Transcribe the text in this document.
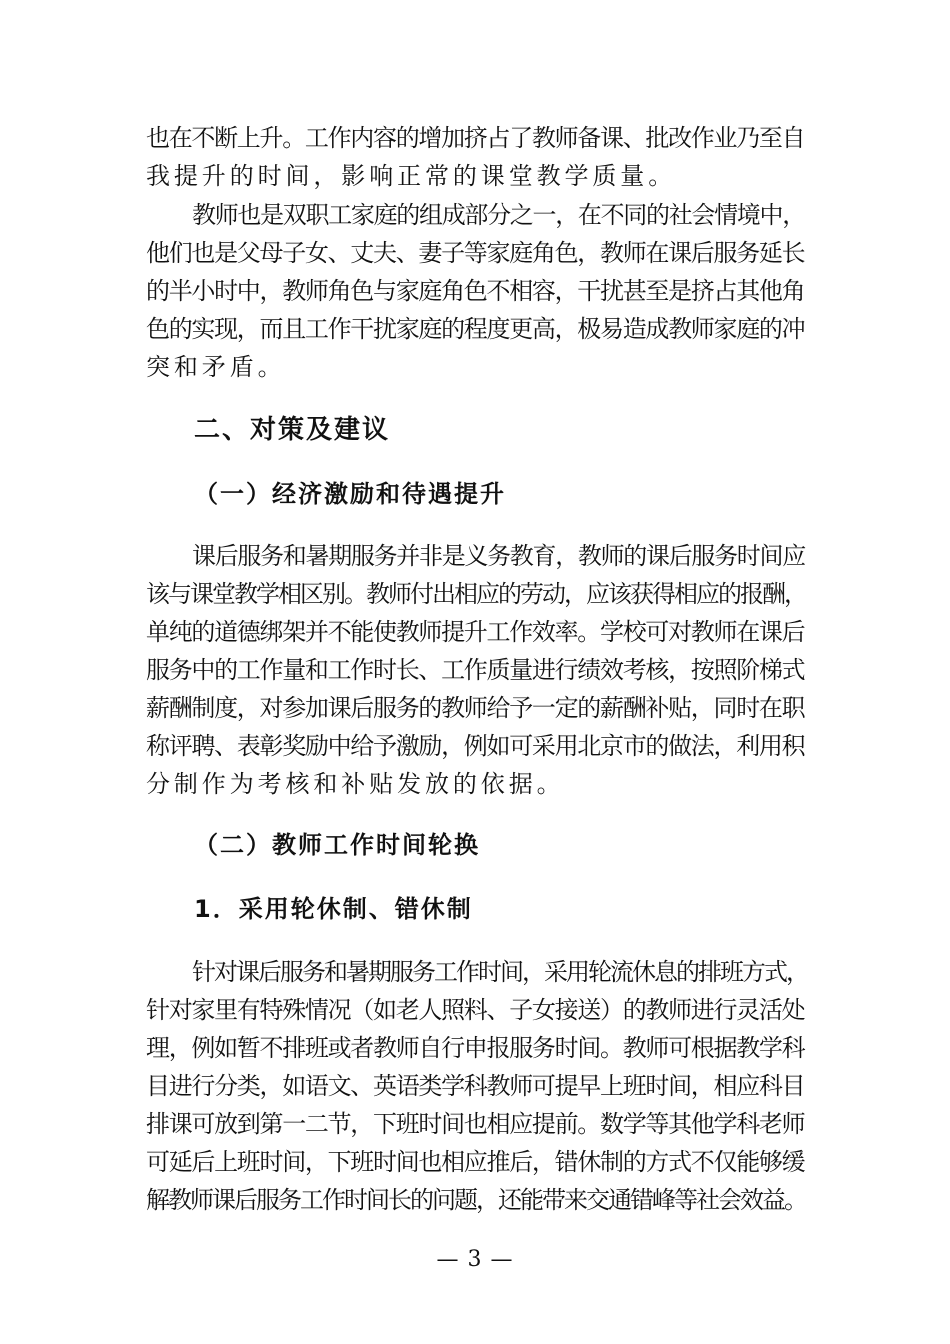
也在不断上升。工作内容的增加挤占了教师备课、批改作业乃至自
我提升的时间，影响正常的课堂教学质量。
教师也是双职工家庭的组成部分之一，在不同的社会情境中，
他们也是父母子女、丈夫、妻子等家庭角色，教师在课后服务延长
的半小时中，教师角色与家庭角色不相容，干扰甚至是挤占其他角
色的实现，而且工作干扰家庭的程度更高，极易造成教师家庭的冲
突和矛盾。
二、对策及建议
（一）经济激励和待遇提升
课后服务和暑期服务并非是义务教育，教师的课后服务时间应
该与课堂教学相区别。教师付出相应的劳动，应该获得相应的报酬，
单纯的道德绑架并不能使教师提升工作效率。学校可对教师在课后
服务中的工作量和工作时长、工作质量进行绩效考核，按照阶梯式
薪酬制度，对参加课后服务的教师给予一定的薪酬补贴，同时在职
称评聘、表彰奖励中给予激励，例如可采用北京市的做法，利用积
分制作为考核和补贴发放的依据。
（二）教师工作时间轮换
1．采用轮休制、错休制
针对课后服务和暑期服务工作时间，采用轮流休息的排班方式，
针对家里有特殊情况（如老人照料、子女接送）的教师进行灵活处
理，例如暂不排班或者教师自行申报服务时间。教师可根据教学科
目进行分类，如语文、英语类学科教师可提早上班时间，相应科目
排课可放到第一二节，下班时间也相应提前。数学等其他学科老师
可延后上班时间，下班时间也相应推后，错休制的方式不仅能够缓
解教师课后服务工作时间长的问题，还能带来交通错峰等社会效益。
— 3 —
